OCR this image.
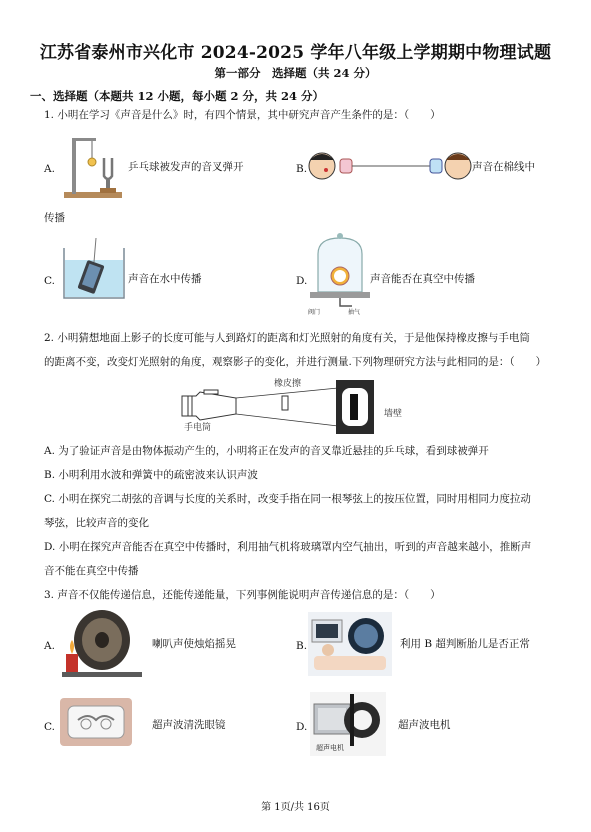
江苏省泰州市兴化市 2024-2025 学年八年级上学期期中物理试题
第一部分　选择题（共 24 分）
一、选择题（本题共 12 小题，每小题 2 分，共 24 分）
1. 小明在学习《声音是什么》时，有四个情景，其中研究声音产生条件的是：（　　）
A.	乒乓球被发声的音叉弹开	B.	声音在棉线中
传播
C.	声音在水中传播	D.
阀门	抽气
声音能否在真空中传播
2. 小明猜想地面上影子的长度可能与人到路灯的距离和灯光照射的角度有关，于是他保持橡皮擦与手电筒
的距离不变，改变灯光照射的角度，观察影子的变化，并进行测量.下列物理研究方法与此相同的是：（　　）
橡皮擦
手电筒
墙壁
A. 为了验证声音是由物体振动产生的，小明将正在发声的音叉靠近悬挂的乒乓球，看到球被弹开
B. 小明利用水波和弹簧中的疏密波来认识声波
C. 小明在探究二胡弦的音调与长度的关系时，改变手指在同一根琴弦上的按压位置，同时用相同力度拉动
琴弦，比较声音的变化
D. 小明在探究声音能否在真空中传播时，利用抽气机将玻璃罩内空气抽出，听到的声音越来越小，推断声
音不能在真空中传播
3. 声音不仅能传递信息，还能传递能量，下列事例能说明声音传递信息的是：（　　）
A.	喇叭声使烛焰摇晃	B.	利用 B 超判断胎儿是否正常
C.	超声波清洗眼镜	D.
超声电机
超声波电机
第 1页/共 16页
